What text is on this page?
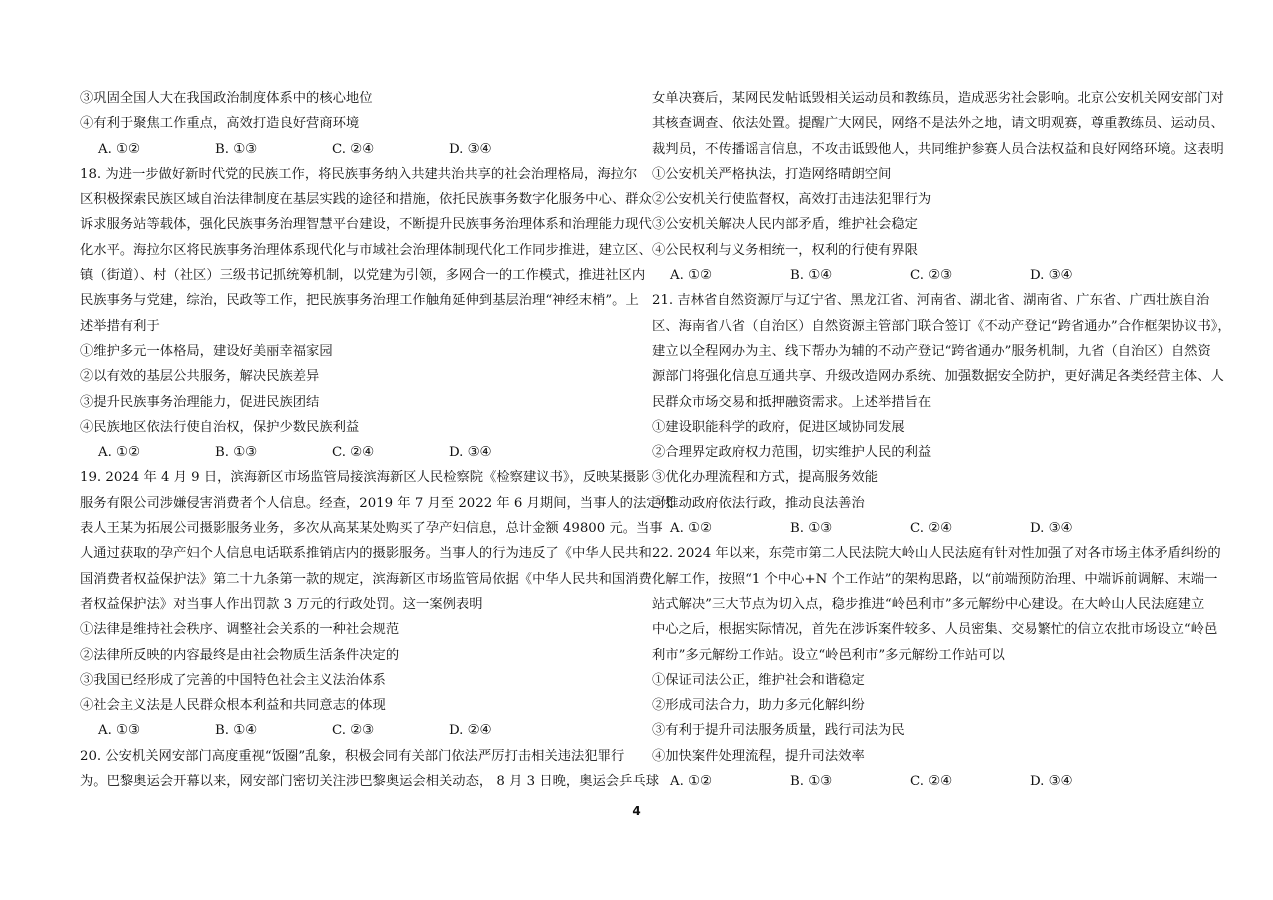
③巩固全国人大在我国政治制度体系中的核心地位
④有利于聚焦工作重点，高效打造良好营商环境
A. ①②	B. ①③	C. ②④	D. ③④
18. 为进一步做好新时代党的民族工作，将民族事务纳入共建共治共享的社会治理格局，海拉尔
区积极探索民族区域自治法律制度在基层实践的途径和措施，依托民族事务数字化服务中心、群众
诉求服务站等载体，强化民族事务治理智慧平台建设，不断提升民族事务治理体系和治理能力现代
化水平。海拉尔区将民族事务治理体系现代化与市域社会治理体制现代化工作同步推进，建立区、
镇（街道）、村（社区）三级书记抓统筹机制，以党建为引领，多网合一的工作模式，推进社区内
民族事务与党建，综治，民政等工作，把民族事务治理工作触角延伸到基层治理“神经末梢”。上
述举措有利于
①维护多元一体格局，建设好美丽幸福家园
②以有效的基层公共服务，解决民族差异
③提升民族事务治理能力，促进民族团结
④民族地区依法行使自治权，保护少数民族利益
A. ①②	B. ①③	C. ②④	D. ③④
19. 2024 年 4 月 9 日，滨海新区市场监管局接滨海新区人民检察院《检察建议书》，反映某摄影
服务有限公司涉嫌侵害消费者个人信息。经查，2019 年 7 月至 2022 年 6 月期间，当事人的法定代
表人王某为拓展公司摄影服务业务，多次从高某某处购买了孕产妇信息，总计金额 49800 元。当事
人通过获取的孕产妇个人信息电话联系推销店内的摄影服务。当事人的行为违反了《中华人民共和
国消费者权益保护法》第二十九条第一款的规定，滨海新区市场监管局依据《中华人民共和国消费
者权益保护法》对当事人作出罚款 3 万元的行政处罚。这一案例表明
①法律是维持社会秩序、调整社会关系的一种社会规范
②法律所反映的内容最终是由社会物质生活条件决定的
③我国已经形成了完善的中国特色社会主义法治体系
④社会主义法是人民群众根本利益和共同意志的体现
A. ①③	B. ①④	C. ②③	D. ②④
20. 公安机关网安部门高度重视“饭圈”乱象，积极会同有关部门依法严厉打击相关违法犯罪行
为。巴黎奥运会开幕以来，网安部门密切关注涉巴黎奥运会相关动态， 8 月 3 日晚，奥运会乒乓球
女单决赛后，某网民发帖诋毁相关运动员和教练员，造成恶劣社会影响。北京公安机关网安部门对
其核查调查、依法处置。提醒广大网民，网络不是法外之地，请文明观赛，尊重教练员、运动员、
裁判员，不传播谣言信息，不攻击诋毁他人，共同维护参赛人员合法权益和良好网络环境。这表明
①公安机关严格执法，打造网络晴朗空间
②公安机关行使监督权，高效打击违法犯罪行为
③公安机关解决人民内部矛盾，维护社会稳定
④公民权利与义务相统一，权利的行使有界限
A. ①②	B. ①④	C. ②③	D. ③④
21. 吉林省自然资源厅与辽宁省、黑龙江省、河南省、湖北省、湖南省、广东省、广西壮族自治
区、海南省八省（自治区）自然资源主管部门联合签订《不动产登记“跨省通办”合作框架协议书》，
建立以全程网办为主、线下帮办为辅的不动产登记“跨省通办”服务机制，九省（自治区）自然资
源部门将强化信息互通共享、升级改造网办系统、加强数据安全防护，更好满足各类经营主体、人
民群众市场交易和抵押融资需求。上述举措旨在
①建设职能科学的政府，促进区域协同发展
②合理界定政府权力范围，切实维护人民的利益
③优化办理流程和方式，提高服务效能
④推动政府依法行政，推动良法善治
A. ①②	B. ①③	C. ②④	D. ③④
22. 2024 年以来，东莞市第二人民法院大岭山人民法庭有针对性加强了对各市场主体矛盾纠纷的
化解工作，按照“1 个中心+N 个工作站”的架构思路，以“前端预防治理、中端诉前调解、末端一
站式解决”三大节点为切入点，稳步推进“岭邑利市”多元解纷中心建设。在大岭山人民法庭建立
中心之后，根据实际情况，首先在涉诉案件较多、人员密集、交易繁忙的信立农批市场设立“岭邑
利市”多元解纷工作站。设立“岭邑利市”多元解纷工作站可以
①保证司法公正，维护社会和谐稳定
②形成司法合力，助力多元化解纠纷
③有利于提升司法服务质量，践行司法为民
④加快案件处理流程，提升司法效率
A. ①②	B. ①③	C. ②④	D. ③④
4
